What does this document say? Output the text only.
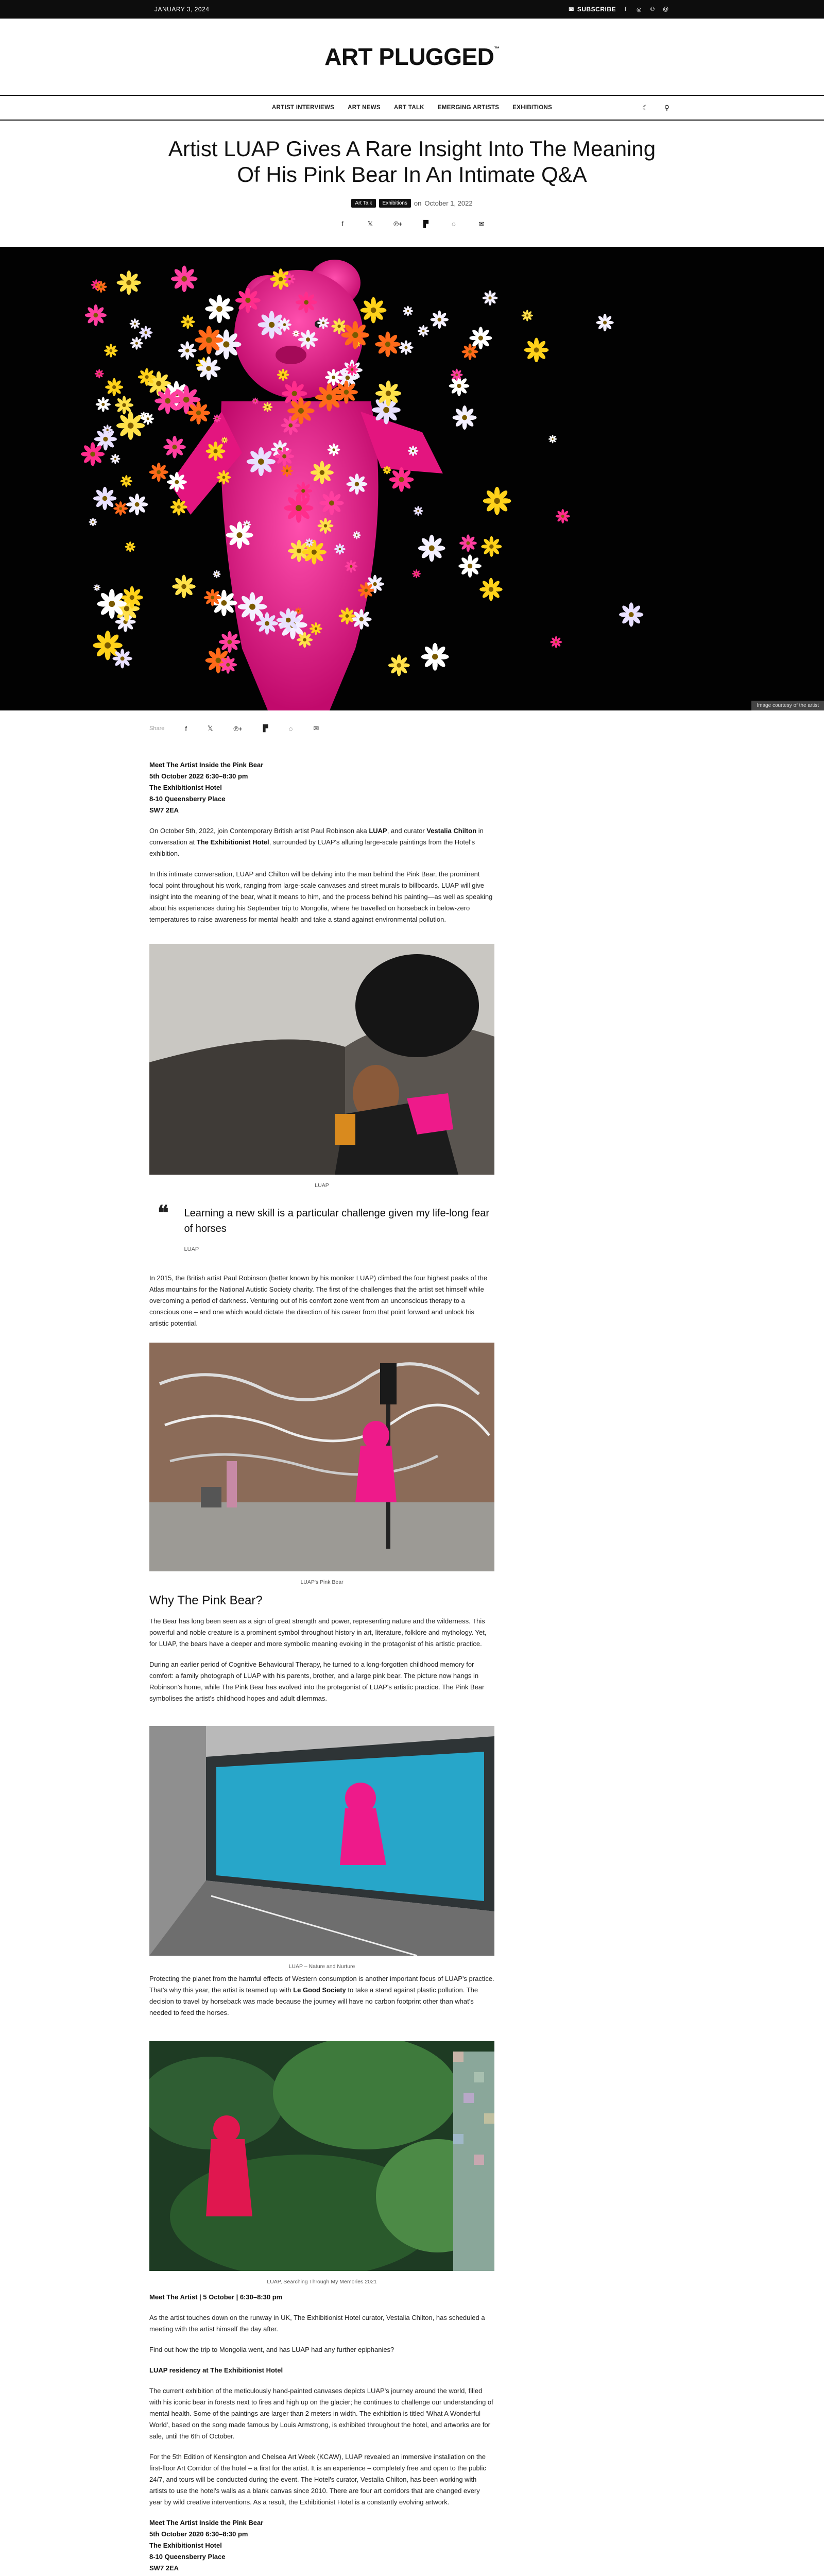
JANUARY 3, 2024	✉ SUBSCRIBE	f	◎ ℗ @
ART PLUGGED™
ARTIST INTERVIEWS ART NEWS ART TALK EMERGING ARTISTS EXHIBITIONS	☾ ⚲
Artist LUAP Gives A Rare Insight Into The Meaning Of His Pink Bear In An Intimate Q&A
Art Talk	Exhibitions	on October 1, 2022
f	𝕏	℗+	▛	◌	✉
Image courtesy of the artist
Share	f	𝕏	℗+	▛	◌	✉

Meet The Artist Inside the Pink Bear
5th October 2022 6:30–8:30 pm
The Exhibitionist Hotel
8-10 Queensberry Place
SW7 2EA

On October 5th, 2022, join Contemporary British artist Paul Robinson aka LUAP, and curator Vestalia Chilton in conversation at The Exhibitionist Hotel, surrounded by LUAP's alluring large-scale paintings from the Hotel's exhibition.

In this intimate conversation, LUAP and Chilton will be delving into the man behind the Pink Bear, the prominent focal point throughout his work, ranging from large-scale canvases and street murals to billboards. LUAP will give insight into the meaning of the bear, what it means to him, and the process behind his painting—as well as speaking about his experiences during his September trip to Mongolia, where he travelled on horseback in below-zero temperatures to raise awareness for mental health and take a stand against environmental pollution.

LUAP
❝ Learning a new skill is a particular challenge given my life-long fear of horses
LUAP

In 2015, the British artist Paul Robinson (better known by his moniker LUAP) climbed the four highest peaks of the Atlas mountains for the National Autistic Society charity. The first of the challenges that the artist set himself while overcoming a period of darkness. Venturing out of his comfort zone went from an unconscious therapy to a conscious one – and one which would dictate the direction of his career from that point forward and unlock his artistic potential.

LUAP's Pink Bear
Why The Pink Bear?

The Bear has long been seen as a sign of great strength and power, representing nature and the wilderness. This powerful and noble creature is a prominent symbol throughout history in art, literature, folklore and mythology. Yet, for LUAP, the bears have a deeper and more symbolic meaning evoking in the protagonist of his artistic practice.

During an earlier period of Cognitive Behavioural Therapy, he turned to a long-forgotten childhood memory for comfort: a family photograph of LUAP with his parents, brother, and a large pink bear. The picture now hangs in Robinson's home, while The Pink Bear has evolved into the protagonist of LUAP's artistic practice. The Pink Bear symbolises the artist's childhood hopes and adult dilemmas.

LUAP – Nature and Nurture

Protecting the planet from the harmful effects of Western consumption is another important focus of LUAP's practice. That's why this year, the artist is teamed up with Le Good Society to take a stand against plastic pollution. The decision to travel by horseback was made because the journey will have no carbon footprint other than what's needed to feed the horses.

LUAP, Searching Through My Memories 2021

Meet The Artist | 5 October | 6:30–8:30 pm

As the artist touches down on the runway in UK, The Exhibitionist Hotel curator, Vestalia Chilton, has scheduled a meeting with the artist himself the day after.

Find out how the trip to Mongolia went, and has LUAP had any further epiphanies?

LUAP residency at The Exhibitionist Hotel

The current exhibition of the meticulously hand-painted canvases depicts LUAP's journey around the world, filled with his iconic bear in forests next to fires and high up on the glacier; he continues to challenge our understanding of mental health. Some of the paintings are larger than 2 meters in width. The exhibition is titled 'What A Wonderful World', based on the song made famous by Louis Armstrong, is exhibited throughout the hotel, and artworks are for sale, until the 6th of October.

For the 5th Edition of Kensington and Chelsea Art Week (KCAW), LUAP revealed an immersive installation on the first-floor Art Corridor of the hotel – a first for the artist. It is an experience – completely free and open to the public 24/7, and tours will be conducted during the event. The Hotel's curator, Vestalia Chilton, has been working with artists to use the hotel's walls as a blank canvas since 2010. There are four art corridors that are changed every year by wild creative interventions. As a result, the Exhibitionist Hotel is a constantly evolving artwork.

Meet The Artist Inside the Pink Bear
5th October 2020 6:30–8:30 pm
The Exhibitionist Hotel
8-10 Queensberry Place
SW7 2EA
